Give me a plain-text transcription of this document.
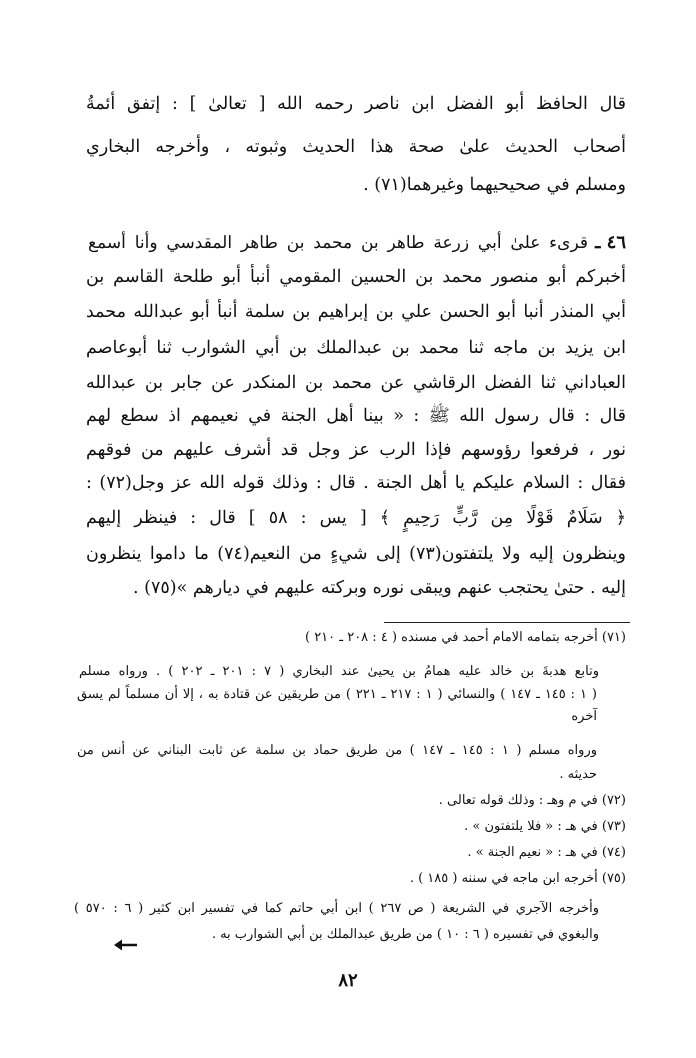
قال الحافظ أبو الفضل ابن ناصر رحمه الله [ تعالىٰ ] : إتفق أئمةُ
أصحاب الحديث علىٰ صحة هذا الحديث وثبوته ، وأخرجه البخاري
ومسلم في صحيحيهما وغيرهما(٧١) .
٤٦ ـ
قرىء علىٰ أبي زرعة طاهر بن محمد بن طاهر المقدسي وأنا أسمع
أخبركم أبو منصور محمد بن الحسين المقومي أنبأ أبو طلحة القاسم بن
أبي المنذر أنبا أبو الحسن علي بن إبراهيم بن سلمة أنبأ أبو عبدالله محمد
ابن يزيد بن ماجه ثنا محمد بن عبدالملك بن أبي الشوارب ثنا أبوعاصم
العباداني ثنا الفضل الرقاشي عن محمد بن المنكدر عن جابر بن عبدالله
قال : قال رسول الله ﷺ : « بينا أهل الجنة في نعيمهم اذ سطع لهم
نور ، فرفعوا رؤوسهم فإذا الرب عز وجل قد أشرف عليهم من فوقهم
فقال : السلام عليكم يا أهل الجنة . قال : وذلك قوله الله عز وجل(٧٢) :
﴿ سَلَامٌ قَوْلًا مِن رَّبٍّ رَحِيمٍ ﴾ [ يس : ٥٨ ] قال : فينظر إليهم
وينظرون إليه ولا يلتفتون(٧٣) إلى شيءٍ من النعيم(٧٤) ما داموا ينظرون
إليه . حتىٰ يحتجب عنهم ويبقى نوره وبركته عليهم في ديارهم »(٧٥) .
(٧١) أخرجه بتمامه الامام أحمد في مسنده ( ٤ : ٢٠٨ ـ ٢١٠ )
وتابع هدبةَ بن خالد عليه همامُ بن يحيىٰ عند البخاري ( ٧ : ٢٠١ ـ ٢٠٢ ) . ورواه مسلم
( ١ : ١٤٥ ـ ١٤٧ ) والنسائي ( ١ : ٢١٧ ـ ٢٢١ ) من طريقين عن قتادة به ، إلا أن مسلماً لم يسق
آخره
ورواه مسلم ( ١ : ١٤٥ ـ ١٤٧ ) من طريق حماد بن سلمة عن ثابت البناني عن أنس من
حديثه .
(٧٢) في م وهـ : وذلك قوله تعالى .
(٧٣) في هـ : « فلا يلتفتون » .
(٧٤) في هـ : « نعيم الجنة » .
(٧٥) أخرجه ابن ماجه في سننه ( ١٨٥ ) .
وأخرجه الآجري في الشريعة ( ص ٢٦٧ ) ابن أبي حاتم كما في تفسير ابن كثير ( ٦ : ٥٧٠ )
والبغوي في تفسيره ( ٦ : ١٠ ) من طريق عبدالملك بن أبي الشوارب به .
٨٢
